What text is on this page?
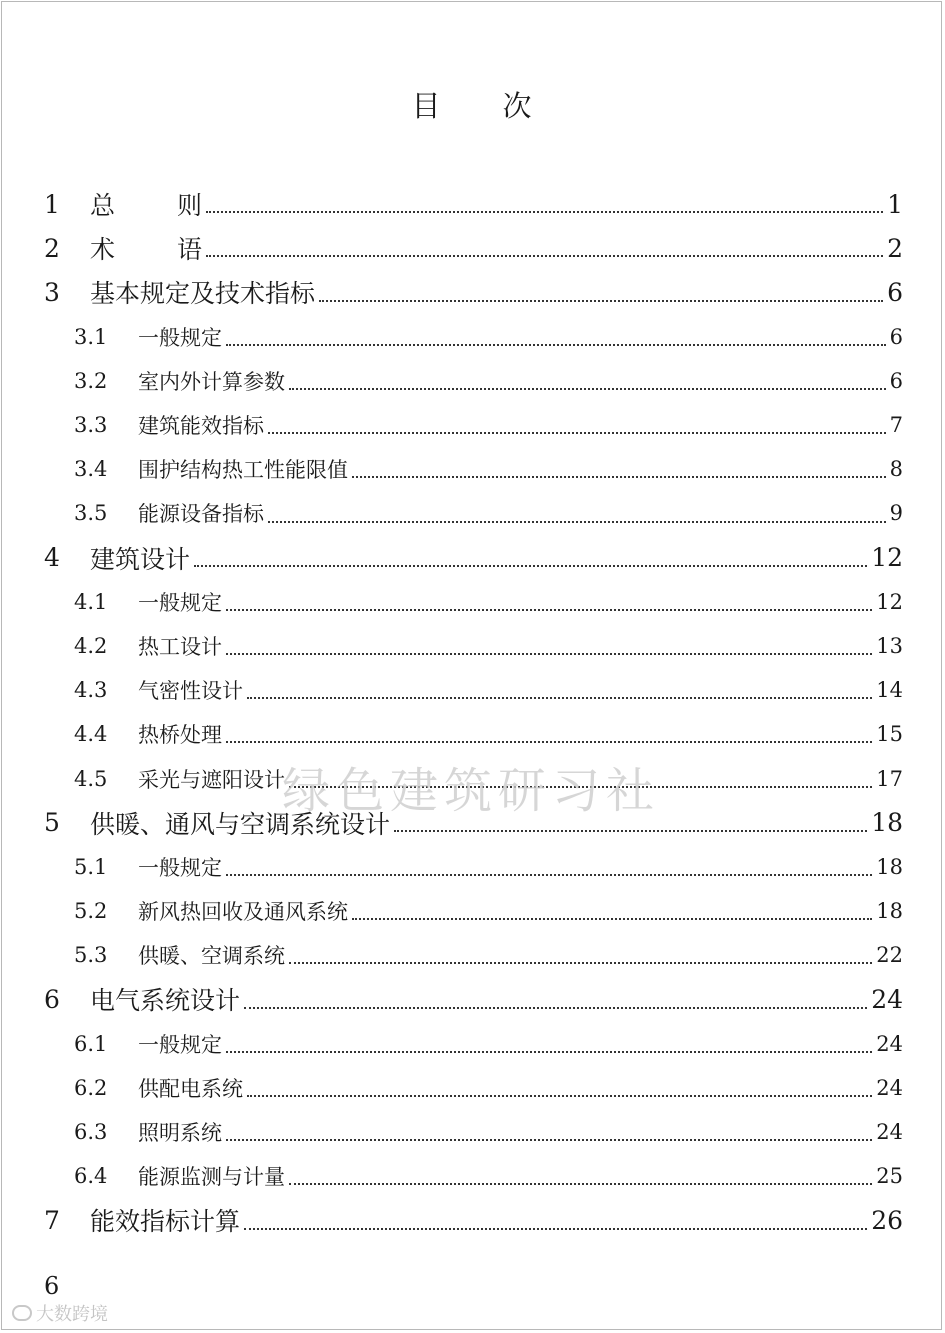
目 次
1	总 则	1
2	术 语	2
3	基本规定及技术指标	6
3.1	一般规定	6
3.2	室内外计算参数	6
3.3	建筑能效指标	7
3.4	围护结构热工性能限值	8
3.5	能源设备指标	9
4	建筑设计	12
4.1	一般规定	12
4.2	热工设计	13
4.3	气密性设计	14
4.4	热桥处理	15
4.5	采光与遮阳设计	17
5	供暖、通风与空调系统设计	18
5.1	一般规定	18
5.2	新风热回收及通风系统	18
5.3	供暖、空调系统	22
6	电气系统设计	24
6.1	一般规定	24
6.2	供配电系统	24
6.3	照明系统	24
6.4	能源监测与计量	25
7	能效指标计算	26
绿色建筑研习社
6
大数跨境
